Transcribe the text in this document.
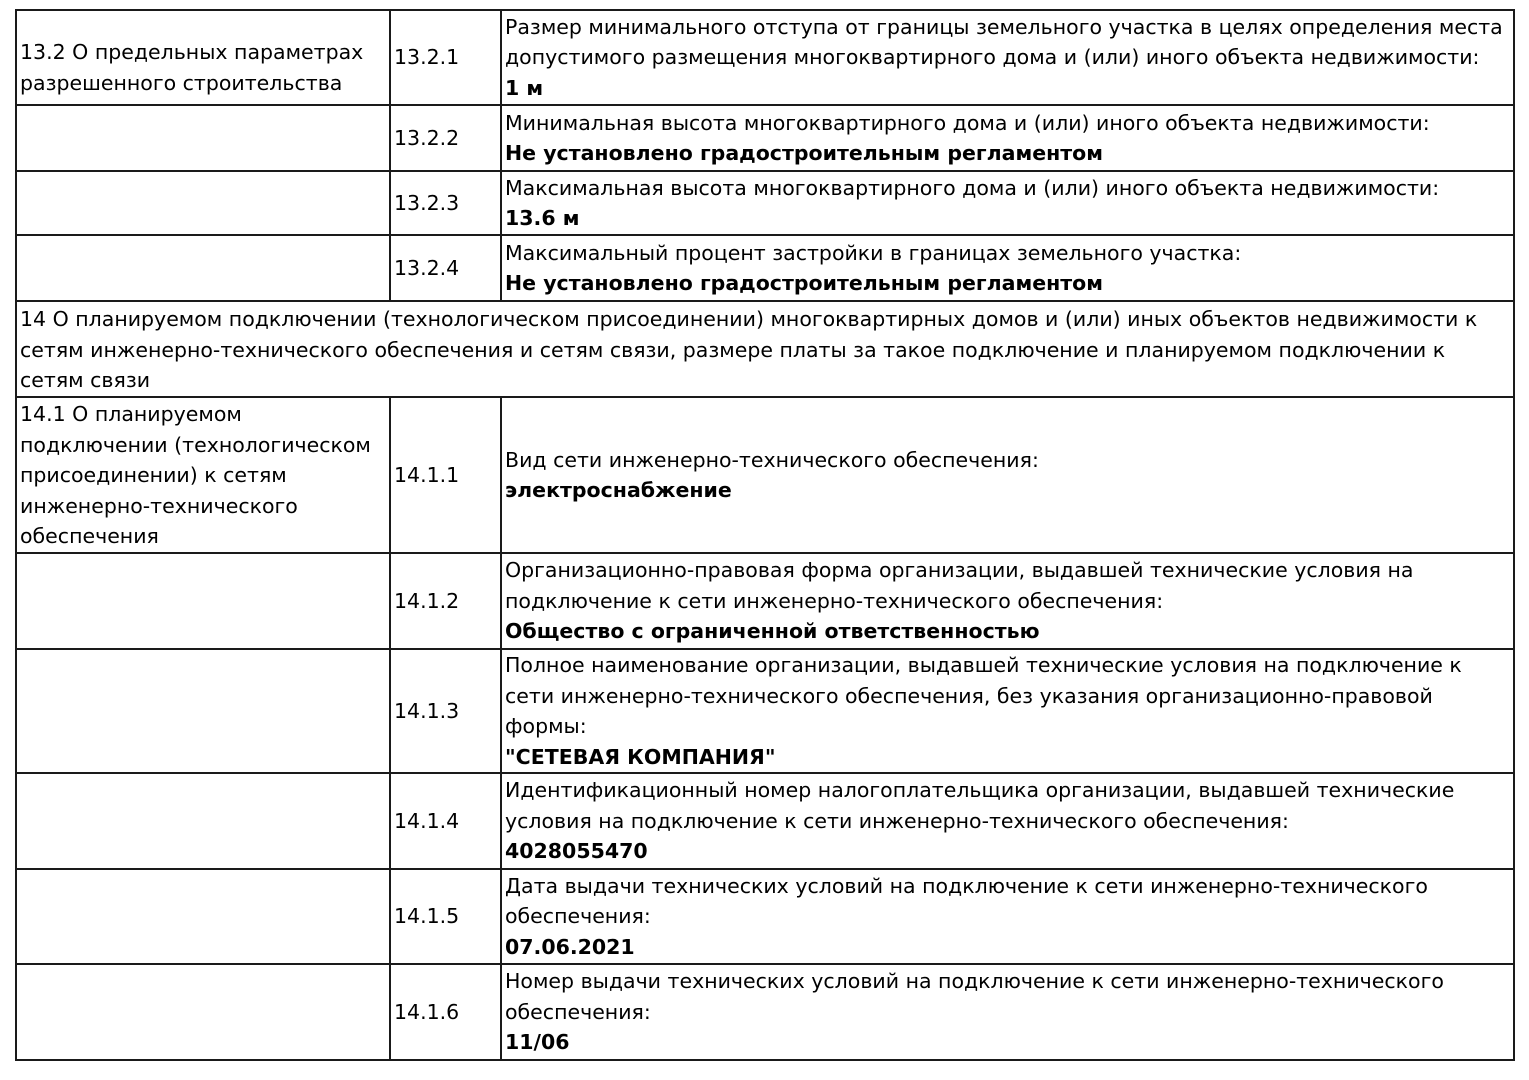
13.2 О предельных параметрах разрешенного строительства	13.2.1	Размер минимального отступа от границы земельного участка в целях определения места допустимого размещения многоквартирного дома и (или) иного объекта недвижимости:
1 м

	13.2.2	Минимальная высота многоквартирного дома и (или) иного объекта недвижимости:
Не установлено градостроительным регламентом

	13.2.3	Максимальная высота многоквартирного дома и (или) иного объекта недвижимости:
13.6 м

	13.2.4	Максимальный процент застройки в границах земельного участка:
Не установлено градостроительным регламентом

14 О планируемом подключении (технологическом присоединении) многоквартирных домов и (или) иных объектов недвижимости к сетям инженерно-технического обеспечения и сетям связи, размере платы за такое подключение и планируемом подключении к сетям связи		
14.1 О планируемом подключении (технологическом присоединении) к сетям инженерно-технического обеспечения	14.1.1	Вид сети инженерно-технического обеспечения:
электроснабжение

	14.1.2	Организационно-правовая форма организации, выдавшей технические условия на подключение к сети инженерно-технического обеспечения:
Общество с ограниченной ответственностью

	14.1.3	Полное наименование организации, выдавшей технические условия на подключение к сети инженерно-технического обеспечения, без указания организационно-правовой формы:
"СЕТЕВАЯ КОМПАНИЯ"

	14.1.4	Идентификационный номер налогоплательщика организации, выдавшей технические условия на подключение к сети инженерно-технического обеспечения:
4028055470

	14.1.5	Дата выдачи технических условий на подключение к сети инженерно-технического обеспечения:
07.06.2021

	14.1.6	Номер выдачи технических условий на подключение к сети инженерно-технического обеспечения:
11/06
